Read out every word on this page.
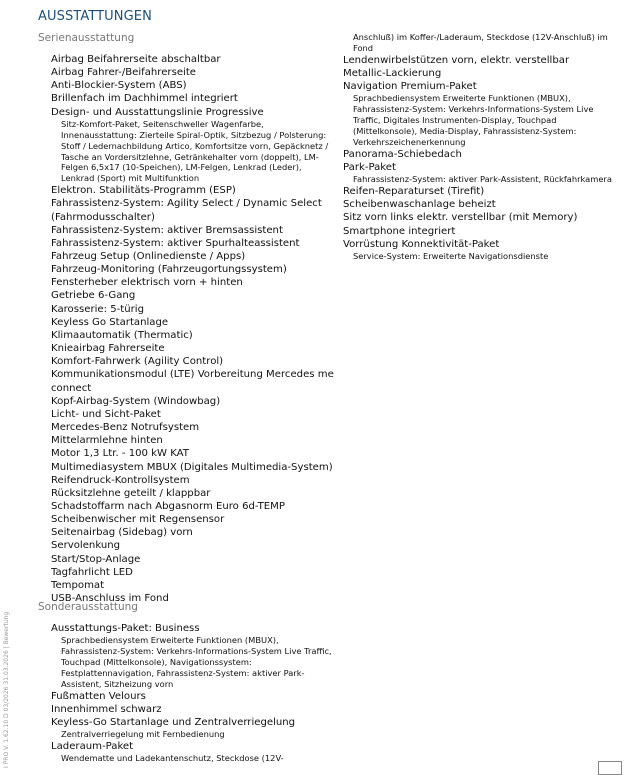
AUSSTATTUNGEN
Serienausstattung
Sonderausstattung
Airbag Beifahrerseite abschaltbar
Airbag Fahrer-/Beifahrerseite
Anti-Blockier-System (ABS)
Brillenfach im Dachhimmel integriert
Design- und Ausstattungslinie Progressive
Sitz-Komfort-Paket, Seitenschweller Wagenfarbe, Innenausstattung: Zierteile Spiral-Optik, Sitzbezug / Polsterung: Stoff / Ledernachbildung Artico, Komfortsitze vorn, Gepäcknetz / Tasche an Vordersitzlehne, Getränkehalter vorn (doppelt), LM-Felgen 6,5x17 (10-Speichen), LM-Felgen, Lenkrad (Leder), Lenkrad (Sport) mit Multifunktion
Elektron. Stabilitäts-Programm (ESP)
Fahrassistenz-System: Agility Select / Dynamic Select (Fahrmodusschalter)
Fahrassistenz-System: aktiver Bremsassistent
Fahrassistenz-System: aktiver Spurhalteassistent
Fahrzeug Setup (Onlinedienste / Apps)
Fahrzeug-Monitoring (Fahrzeugortungssystem)
Fensterheber elektrisch vorn + hinten
Getriebe 6-Gang
Karosserie: 5-türig
Keyless Go Startanlage
Klimaautomatik (Thermatic)
Knieairbag Fahrerseite
Komfort-Fahrwerk (Agility Control)
Kommunikationsmodul (LTE) Vorbereitung Mercedes me connect
Kopf-Airbag-System (Windowbag)
Licht- und Sicht-Paket
Mercedes-Benz Notrufsystem
Mittelarmlehne hinten
Motor 1,3 Ltr. - 100 kW KAT
Multimediasystem MBUX (Digitales Multimedia-System)
Reifendruck-Kontrollsystem
Rücksitzlehne geteilt / klappbar
Schadstoffarm nach Abgasnorm Euro 6d-TEMP
Scheibenwischer mit Regensensor
Seitenairbag (Sidebag) vorn
Servolenkung
Start/Stop-Anlage
Tagfahrlicht LED
Tempomat
USB-Anschluss im Fond
Ausstattungs-Paket: Business
Sprachbediensystem Erweiterte Funktionen (MBUX), Fahrassistenz-System: Verkehrs-Informations-System Live Traffic, Touchpad (Mittelkonsole), Navigationssystem: Festplattennavigation, Fahrassistenz-System: aktiver Park-Assistent, Sitzheizung vorn
Fußmatten Velours
Innenhimmel schwarz
Keyless-Go Startanlage und Zentralverriegelung
Zentralverriegelung mit Fernbedienung
Laderaum-Paket
Wendematte und Ladekantenschutz, Steckdose (12V-
Anschluß) im Koffer-/Laderaum, Steckdose (12V-Anschluß) im Fond
Lendenwirbelstützen vorn, elektr. verstellbar
Metallic-Lackierung
Navigation Premium-Paket
Sprachbediensystem Erweiterte Funktionen (MBUX), Fahrassistenz-System: Verkehrs-Informations-System Live Traffic, Digitales Instrumenten-Display, Touchpad (Mittelkonsole), Media-Display, Fahrassistenz-System: Verkehrszeichenerkennung
Panorama-Schiebedach
Park-Paket
Fahrassistenz-System: aktiver Park-Assistent, Rückfahrkamera
Reifen-Reparaturset (Tirefit)
Scheibenwaschanlage beheizt
Sitz vorn links elektr. verstellbar (mit Memory)
Smartphone integriert
Vorrüstung Konnektivität-Paket
Service-System: Erweiterte Navigationsdienste
I PRO V. 1.62.10 D 03/2026 31.03.2026 | Bewertung
